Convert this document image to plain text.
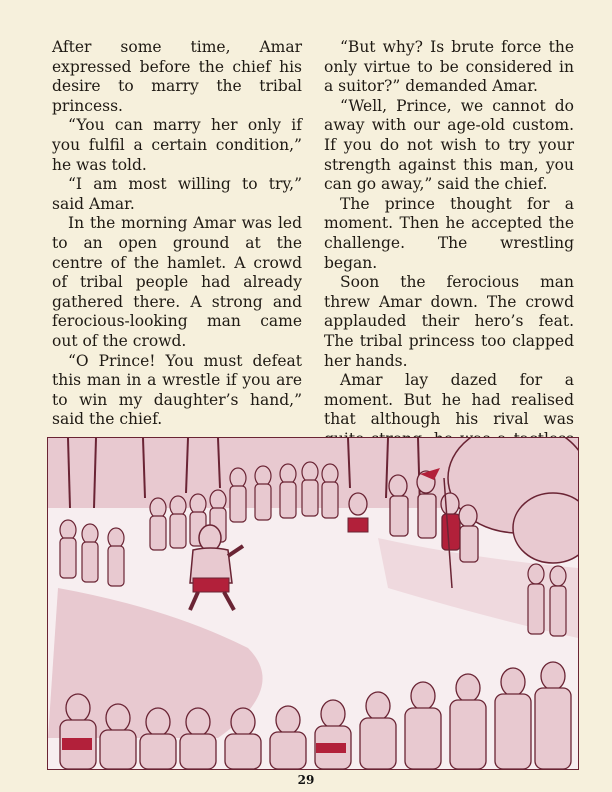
After some time, Amar expressed before the chief his desire to marry the tribal princess.

“You can marry her only if you fulfil a certain condition,” he was told.

“I am most willing to try,” said Amar.

In the morning Amar was led to an open ground at the centre of the hamlet. A crowd of tribal people had already gathered there. A strong and ferocious-looking man came out of the crowd.

“O Prince! You must defeat this man in a wrestle if you are to win my daughter’s hand,” said the chief.

“But why? Is brute force the only virtue to be considered in a suitor?” demanded Amar.

“Well, Prince, we cannot do away with our age-old custom. If you do not wish to try your strength against this man, you can go away,” said the chief.

The prince thought for a moment. Then he accepted the challenge. The wrestling began.

Soon the ferocious man threw Amar down. The crowd applauded their hero’s feat. The tribal princess too clapped her hands.

Amar lay dazed for a moment. But he had realised that although his rival was

29
